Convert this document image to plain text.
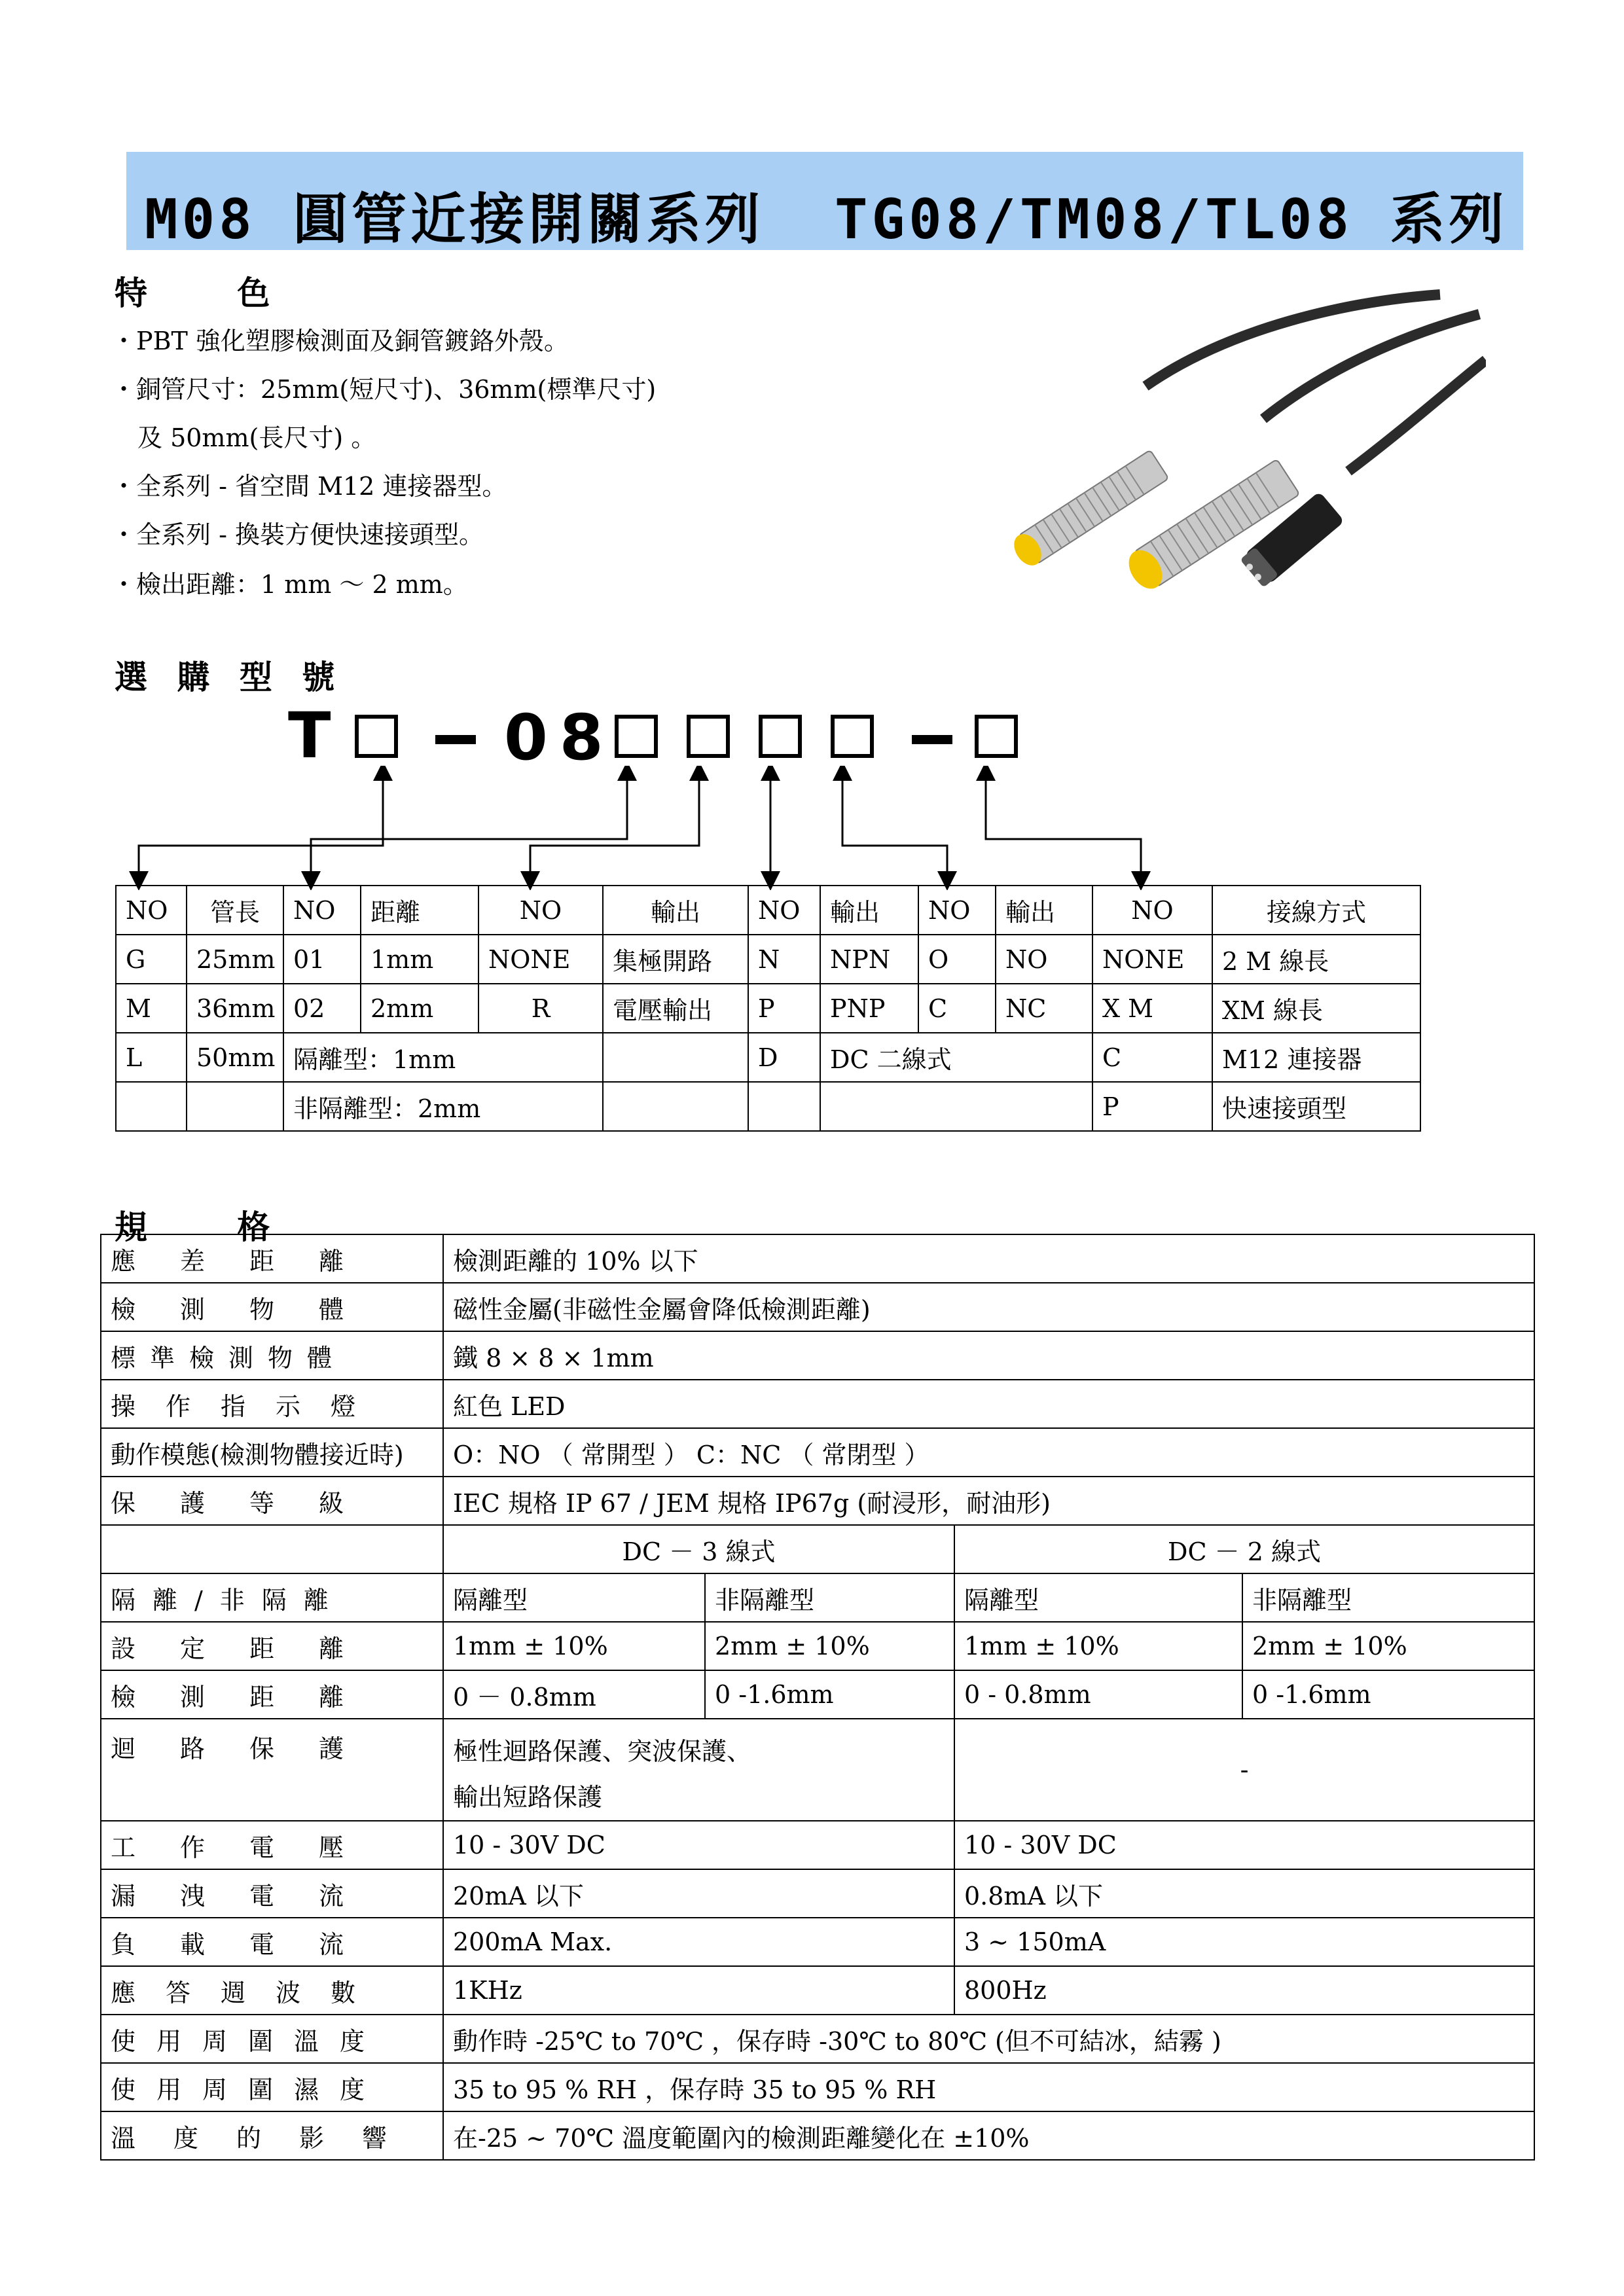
M08 圓管近接開關系列 TG08/TM08/TL08 系列
特 色
・PBT 強化塑膠檢測面及銅管鍍鉻外殼。
・銅管尺寸：25mm(短尺寸)、36mm(標準尺寸)
及 50mm(長尺寸) 。
・全系列 - 省空間 M12 連接器型。
・全系列 - 換裝方便快速接頭型。
・檢出距離：1 mm ～ 2 mm。
選 購 型 號
T	08
NO	管長	NO	距離	NO	輸出	NO	輸出	NO	輸出	NO	接線方式
G	25mm	01	1mm	NONE	集極開路	N	NPN	O	NO	NONE	2 M 線長
M	36mm	02	2mm	R	電壓輸出	P	PNP	C	NC	X M	XM 線長
L	50mm	隔離型：1mm				D	DC 二線式			C	M12 連接器
		非隔離型：2mm								P	快速接頭型
規 格
應差距離	檢測距離的 10% 以下			
檢測物體	磁性金屬(非磁性金屬會降低檢測距離)			
標準檢測物體	鐵 8 × 8 × 1mm			
操作指示燈	紅色 LED			
動作模態(檢測物體接近時)	O：NO （ 常開型 ） C：NC （ 常閉型 ）			
保護等級	IEC 規格 IP 67 / JEM 規格 IP67g (耐浸形，耐油形)			
	DC － 3 線式		DC － 2 線式	
隔離/非隔離	隔離型	非隔離型	隔離型	非隔離型
設定距離	1mm ± 10%	2mm ± 10%	1mm ± 10%	2mm ± 10%
檢測距離	0 － 0.8mm	0 -1.6mm	0 - 0.8mm	0 -1.6mm
迴路保護	極性迴路保護、突波保護、
輸出短路保護		-	
工作電壓	10 - 30V DC		10 - 30V DC	
漏洩電流	20mA 以下		0.8mA 以下	
負載電流	200mA Max.		3 ~ 150mA	
應答週波數	1KHz		800Hz	
使用周圍溫度	動作時 -25℃ to 70℃ ，保存時 -30℃ to 80℃ (但不可結冰，結霧 )			
使用周圍濕度	35 to 95 % RH ，保存時 35 to 95 % RH			
溫度的影響	在-25 ~ 70℃ 溫度範圍內的檢測距離變化在 ±10%			
